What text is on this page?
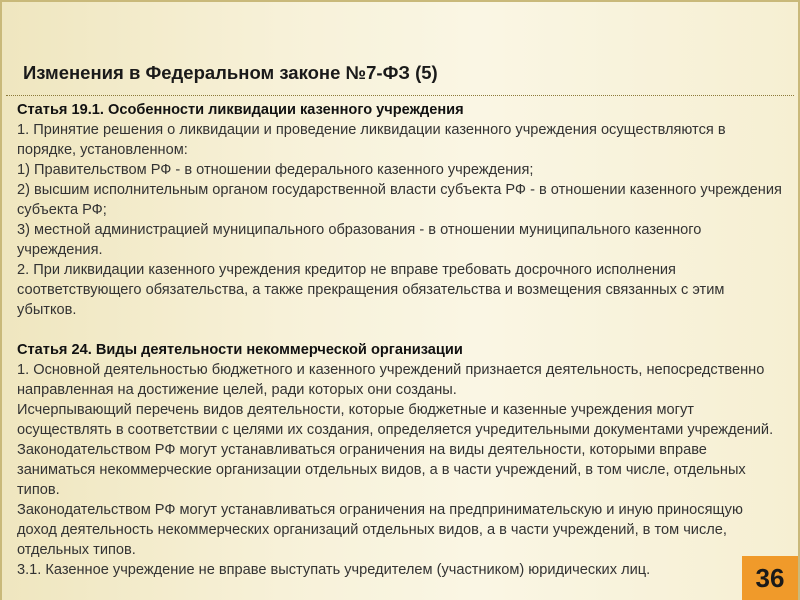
Изменения в Федеральном законе №7-ФЗ (5)

Статья 19.1. Особенности ликвидации казенного учреждения

1. Принятие решения о ликвидации и проведение ликвидации казенного учреждения осуществляются в порядке, установленном:

1) Правительством РФ - в отношении федерального казенного учреждения;

2) высшим исполнительным органом государственной власти субъекта РФ - в отношении казенного учреждения субъекта РФ;

3) местной администрацией муниципального образования - в отношении муниципального казенного учреждения.

2. При ликвидации казенного учреждения кредитор не вправе требовать досрочного исполнения соответствующего обязательства, а также прекращения обязательства и возмещения связанных с этим убытков.

Статья 24. Виды деятельности некоммерческой организации

1. Основной деятельностью бюджетного и казенного учреждений признается деятельность, непосредственно направленная на достижение целей, ради которых они созданы.

Исчерпывающий перечень видов деятельности, которые бюджетные и казенные учреждения могут осуществлять в соответствии с целями их создания, определяется учредительными документами учреждений.

Законодательством РФ могут устанавливаться ограничения на виды деятельности, которыми вправе заниматься некоммерческие организации отдельных видов, а в части учреждений, в том числе, отдельных типов.

Законодательством РФ могут устанавливаться ограничения на предпринимательскую и иную приносящую доход деятельность некоммерческих организаций отдельных видов, а в части учреждений, в том числе, отдельных типов.

3.1. Казенное учреждение не вправе выступать учредителем (участником) юридических лиц.	36
